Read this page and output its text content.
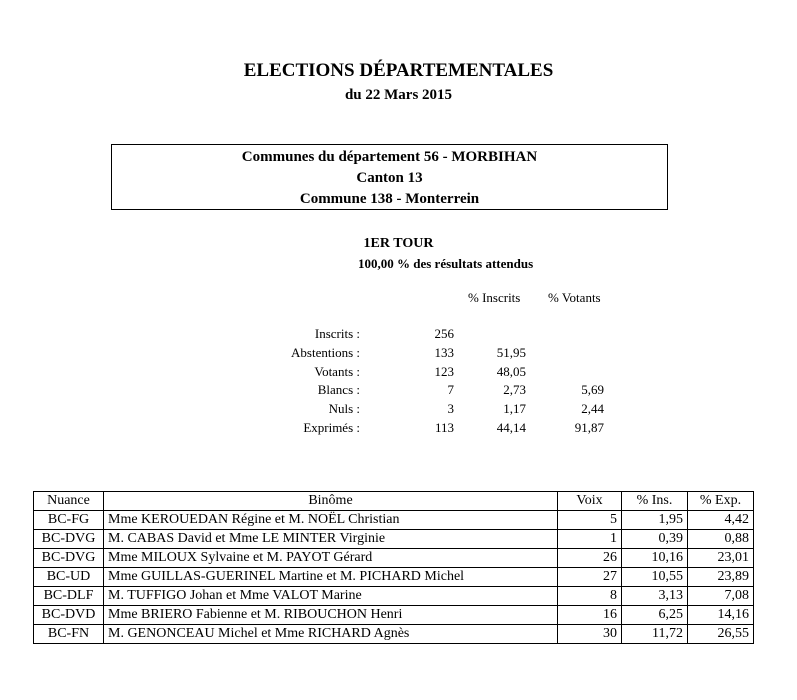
ELECTIONS DÉPARTEMENTALES
du 22 Mars 2015
Communes du département 56 - MORBIHAN
Canton 13
Commune 138 - Monterrein
1ER TOUR
100,00 % des résultats attendus
% Inscrits % Votants
Inscrits :	256
Abstentions :	133	51,95
Votants :	123	48,05
Blancs :	7	2,73	5,69
Nuls :	3	1,17	2,44
Exprimés :	113	44,14	91,87
Nuance	Binôme	Voix	% Ins.	% Exp.
BC-FG	Mme KEROUEDAN Régine et M. NOËL Christian	5	1,95	4,42
BC-DVG	M. CABAS David et Mme LE MINTER Virginie	1	0,39	0,88
BC-DVG	Mme MILOUX Sylvaine et M. PAYOT Gérard	26	10,16	23,01
BC-UD	Mme GUILLAS-GUERINEL Martine et M. PICHARD Michel	27	10,55	23,89
BC-DLF	M. TUFFIGO Johan et Mme VALOT Marine	8	3,13	7,08
BC-DVD	Mme BRIERO Fabienne et M. RIBOUCHON Henri	16	6,25	14,16
BC-FN	M. GENONCEAU Michel et Mme RICHARD Agnès	30	11,72	26,55
